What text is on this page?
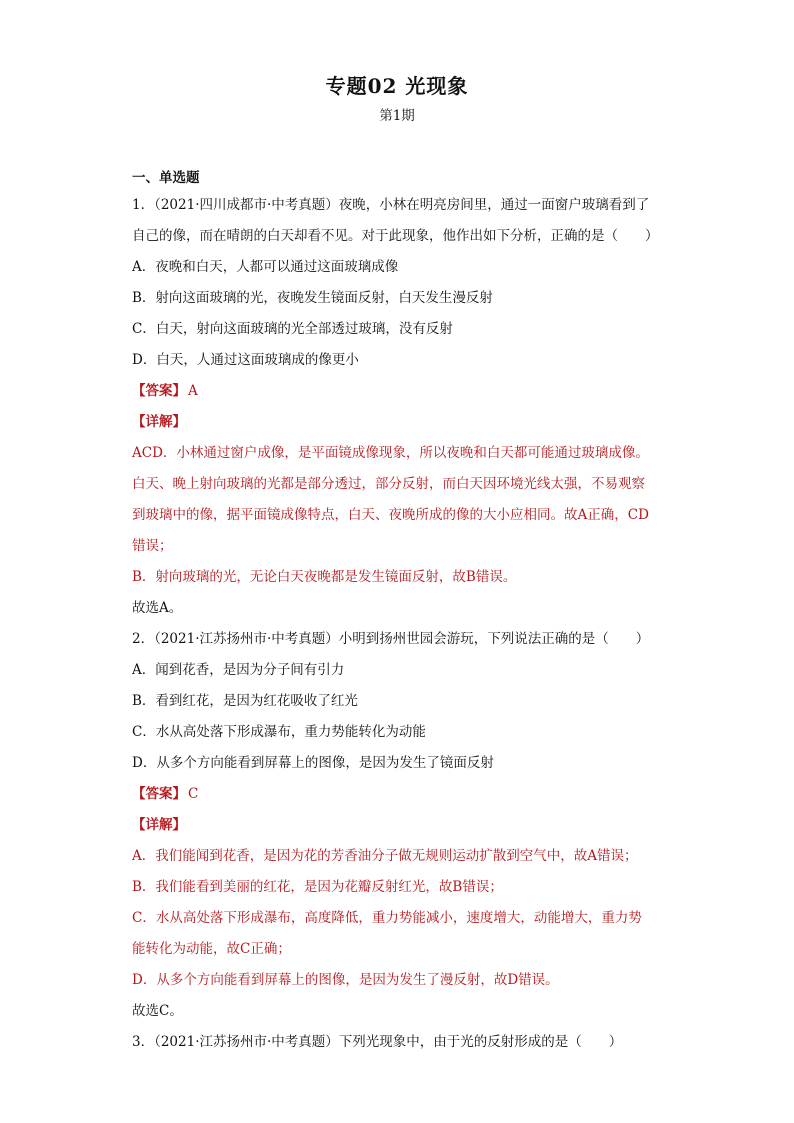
专题02 光现象
第1期
一、单选题
1．（2021·四川成都市·中考真题）夜晚，小林在明亮房间里，通过一面窗户玻璃看到了
自己的像，而在晴朗的白天却看不见。对于此现象，他作出如下分析，正确的是（　　）
A．夜晚和白天，人都可以通过这面玻璃成像
B．射向这面玻璃的光，夜晚发生镜面反射，白天发生漫反射
C．白天，射向这面玻璃的光全部透过玻璃，没有反射
D．白天，人通过这面玻璃成的像更小
【答案】 A
【详解】
ACD．小林通过窗户成像，是平面镜成像现象，所以夜晚和白天都可能通过玻璃成像。
白天、晚上射向玻璃的光都是部分透过，部分反射，而白天因环境光线太强，不易观察
到玻璃中的像，据平面镜成像特点，白天、夜晚所成的像的大小应相同。故A正确，CD
错误；
B．射向玻璃的光，无论白天夜晚都是发生镜面反射，故B错误。
故选A。
2．（2021·江苏扬州市·中考真题）小明到扬州世园会游玩，下列说法正确的是（　　）
A．闻到花香，是因为分子间有引力
B．看到红花，是因为红花吸收了红光
C．水从高处落下形成瀑布，重力势能转化为动能
D．从多个方向能看到屏幕上的图像，是因为发生了镜面反射
【答案】 C
【详解】
A．我们能闻到花香，是因为花的芳香油分子做无规则运动扩散到空气中，故A错误；
B．我们能看到美丽的红花，是因为花瓣反射红光，故B错误；
C．水从高处落下形成瀑布，高度降低，重力势能减小，速度增大，动能增大，重力势
能转化为动能，故C正确；
D．从多个方向能看到屏幕上的图像，是因为发生了漫反射，故D错误。
故选C。
3．（2021·江苏扬州市·中考真题）下列光现象中，由于光的反射形成的是（　　）
